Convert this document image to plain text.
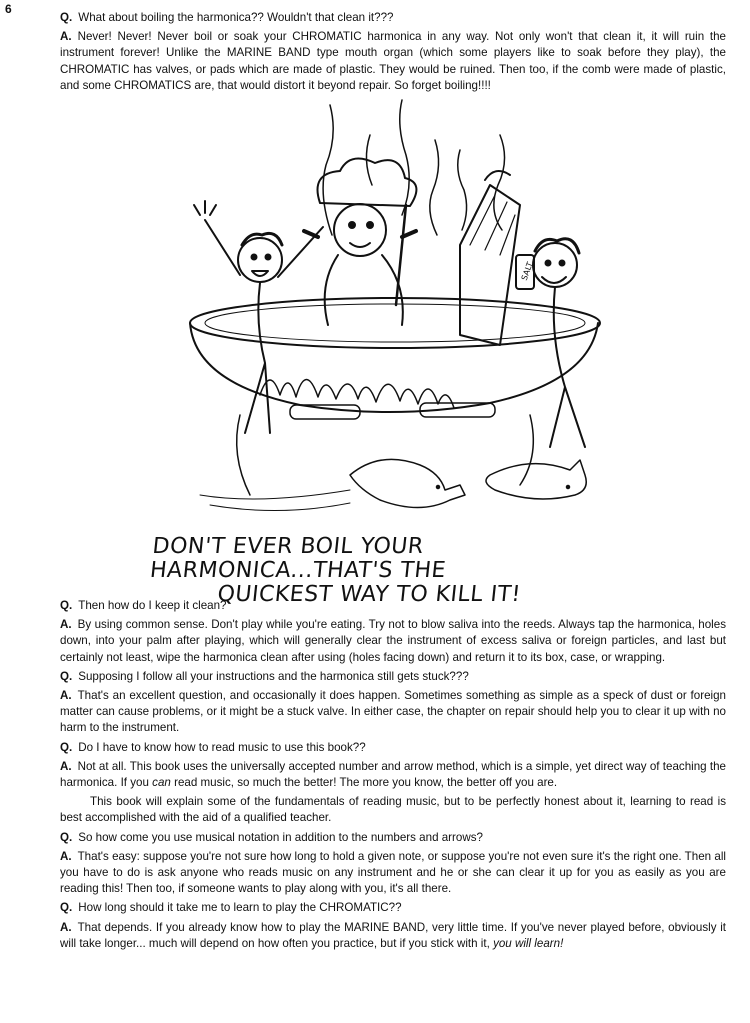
6

Q. What about boiling the harmonica?? Wouldn't that clean it???

A. Never! Never! Never boil or soak your CHROMATIC harmonica in any way. Not only won't that clean it, it will ruin the instrument forever! Unlike the MARINE BAND type mouth organ (which some players like to soak before they play), the CHROMATIC has valves, or pads which are made of plastic. They would be ruined. Then too, if the comb were made of plastic, and some CHROMATICS are, that would distort it beyond repair. So forget boiling!!!!

SALT
DON'T EVER BOIL YOUR HARMONICA...THAT'S THE
QUICKEST WAY TO KILL IT!

Q. Then how do I keep it clean?

A. By using common sense. Don't play while you're eating. Try not to blow saliva into the reeds. Always tap the harmonica, holes down, into your palm after playing, which will generally clear the instrument of excess saliva or foreign particles, and last but certainly not least, wipe the harmonica clean after using (holes facing down) and return it to its box, case, or wrapping.

Q. Supposing I follow all your instructions and the harmonica still gets stuck???

A. That's an excellent question, and occasionally it does happen. Sometimes something as simple as a speck of dust or foreign matter can cause problems, or it might be a stuck valve. In either case, the chapter on repair should help you to clear it up with no harm to the instrument.

Q. Do I have to know how to read music to use this book??

A. Not at all. This book uses the universally accepted number and arrow method, which is a simple, yet direct way of teaching the harmonica. If you can read music, so much the better! The more you know, the better off you are.

This book will explain some of the fundamentals of reading music, but to be perfectly honest about it, learning to read is best accomplished with the aid of a qualified teacher.

Q. So how come you use musical notation in addition to the numbers and arrows?

A. That's easy: suppose you're not sure how long to hold a given note, or suppose you're not even sure it's the right one. Then all you have to do is ask anyone who reads music on any instrument and he or she can clear it up for you as easily as you are reading this! Then too, if someone wants to play along with you, it's all there.

Q. How long should it take me to learn to play the CHROMATIC??

A. That depends. If you already know how to play the MARINE BAND, very little time. If you've never played before, obviously it will take longer... much will depend on how often you practice, but if you stick with it, you will learn!
